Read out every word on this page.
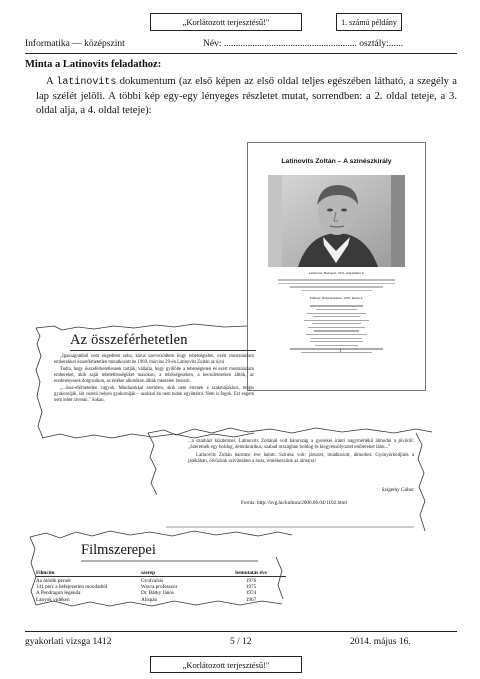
„Korlátozott terjesztésű!"	1. számú példány
Informatika — középszint	Név: ........................................................ osztály:......
Minta a Latinovits feladathoz:
A latinovits dokumentum (az első képen az első oldal teljes egészében látható, a szegély a lap szélét jelöli. A többi kép egy-egy lényeges részletet mutat, sorrendben: a 2. oldal teteje, a 3. oldal alja, a 4. oldal teteje):
Latinovits Zoltán – A színészkirály
Latinovits: Budapest, 1931. szeptember 9.
Elhunyt: Balatonszemes, 1976. június 4.
1
Az összeférhetetlen

„Igazságomból nem engedtem soha, kárus szerveződtem hogy tehetségtelen, ezért mostanáztam emberekkel összeférhetetlen mutatkozott be 1969. március 29-én Latinovits Zoltán az újvá

Tudta, hogy összeférhetetlennek tartják, vállalta, hogy gyűlölte a tehetségtelen és ezért mostanáztam embereket, akik saját tehetetlenségüket másokon, a tehetségeseken, a becsületeseken álltók, az eredményesek dolgozókon, az értéket alkotókon állták mentelen bosszút.

„...össz-eférhetetlen vagyok. Mindazokkal szemben, akik nem értenek a szakmájukhoz, mégis gyakorolják, sőt vezető helyen gyakorolják – azokkal én nem tudok együttérni. Nem is fogok. Ezt engem nem lehet rávenni." Sokan,

...a színházi küzdelmei, Latinovits Zoltánál volt hátország a gyerekei iránti nagymértékű álmodni a jövőről: „Szeretnék egy boldog, demokratikus, szabad országban boldog és kiegyensúlyozott embereket látni..."

Latinovits Zoltán harminc éve halott. Színész volt: játszott, imádkozott, álmodott. Gyönyörködjünk a játékában, ötvözünk szívünkben a hozz, emlékezzünk az álmaira!

Szigethy Gábor
Forrás: http://hvg.hu/kultura/2006.06.04/1102.html
Filmszerepei
Filmcím	szerep	bemutatás éve
Az ötödik pecsét	Gyulvalsis	1976
141 perc a befejezetlen mondatból	Wavra professzor	1975
A Pendragon legenda	Dr. Bátky János	1974
Lányok vidéken	Alispán	1967
gyakorlati vizsga 1412	5 / 12	2014. május 16.
„Korlátozott terjesztésű!"
